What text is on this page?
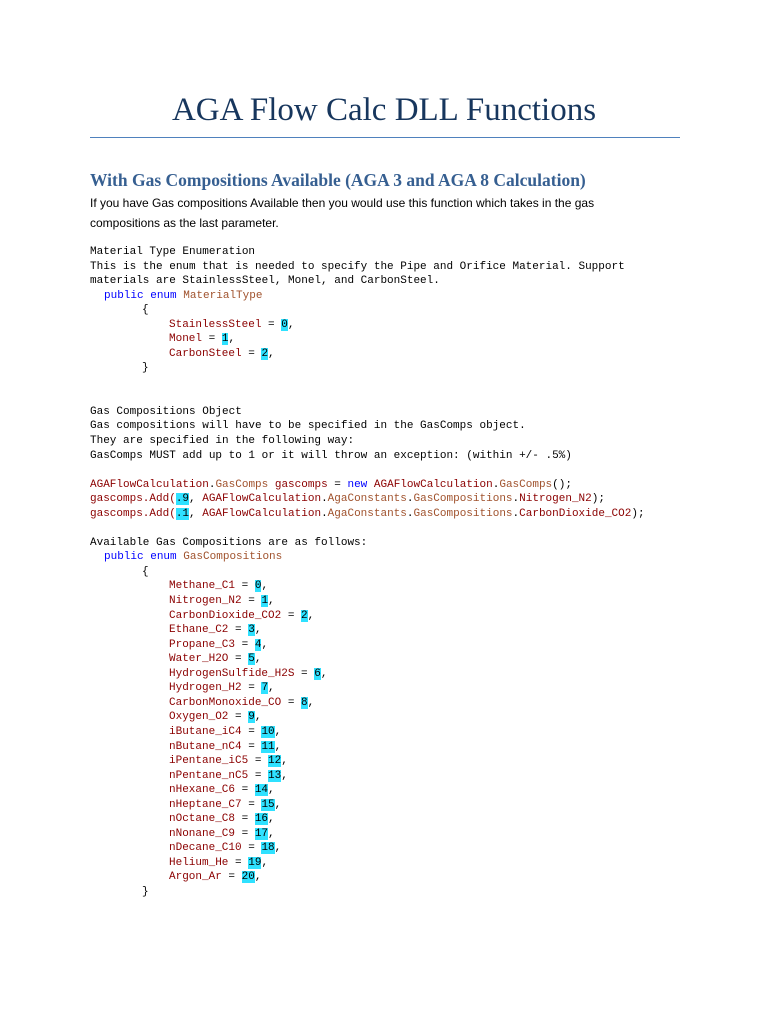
AGA Flow Calc DLL Functions
With Gas Compositions Available (AGA 3 and AGA 8 Calculation)
If you have Gas compositions Available then you would use this function which takes in the gas compositions as the last parameter.
Material Type Enumeration
This is the enum that is needed to specify the Pipe and Orifice Material. Support
materials are StainlessSteel, Monel, and CarbonSteel.
public enum MaterialType
{
StainlessSteel = 0,
Monel = 1,
CarbonSteel = 2,
}
Gas Compositions Object
Gas compositions will have to be specified in the GasComps object.
They are specified in the following way:
GasComps MUST add up to 1 or it will throw an exception: (within +/- .5%)
AGAFlowCalculation.GasComps gascomps = new AGAFlowCalculation.GasComps();
gascomps.Add(.9, AGAFlowCalculation.AgaConstants.GasCompositions.Nitrogen_N2);
gascomps.Add(.1, AGAFlowCalculation.AgaConstants.GasCompositions.CarbonDioxide_CO2);
Available Gas Compositions are as follows:
public enum GasCompositions
{
Methane_C1 = 0,
Nitrogen_N2 = 1,
CarbonDioxide_CO2 = 2,
Ethane_C2 = 3,
Propane_C3 = 4,
Water_H2O = 5,
HydrogenSulfide_H2S = 6,
Hydrogen_H2 = 7,
CarbonMonoxide_CO = 8,
Oxygen_O2 = 9,
iButane_iC4 = 10,
nButane_nC4 = 11,
iPentane_iC5 = 12,
nPentane_nC5 = 13,
nHexane_C6 = 14,
nHeptane_C7 = 15,
nOctane_C8 = 16,
nNonane_C9 = 17,
nDecane_C10 = 18,
Helium_He = 19,
Argon_Ar = 20,
}
